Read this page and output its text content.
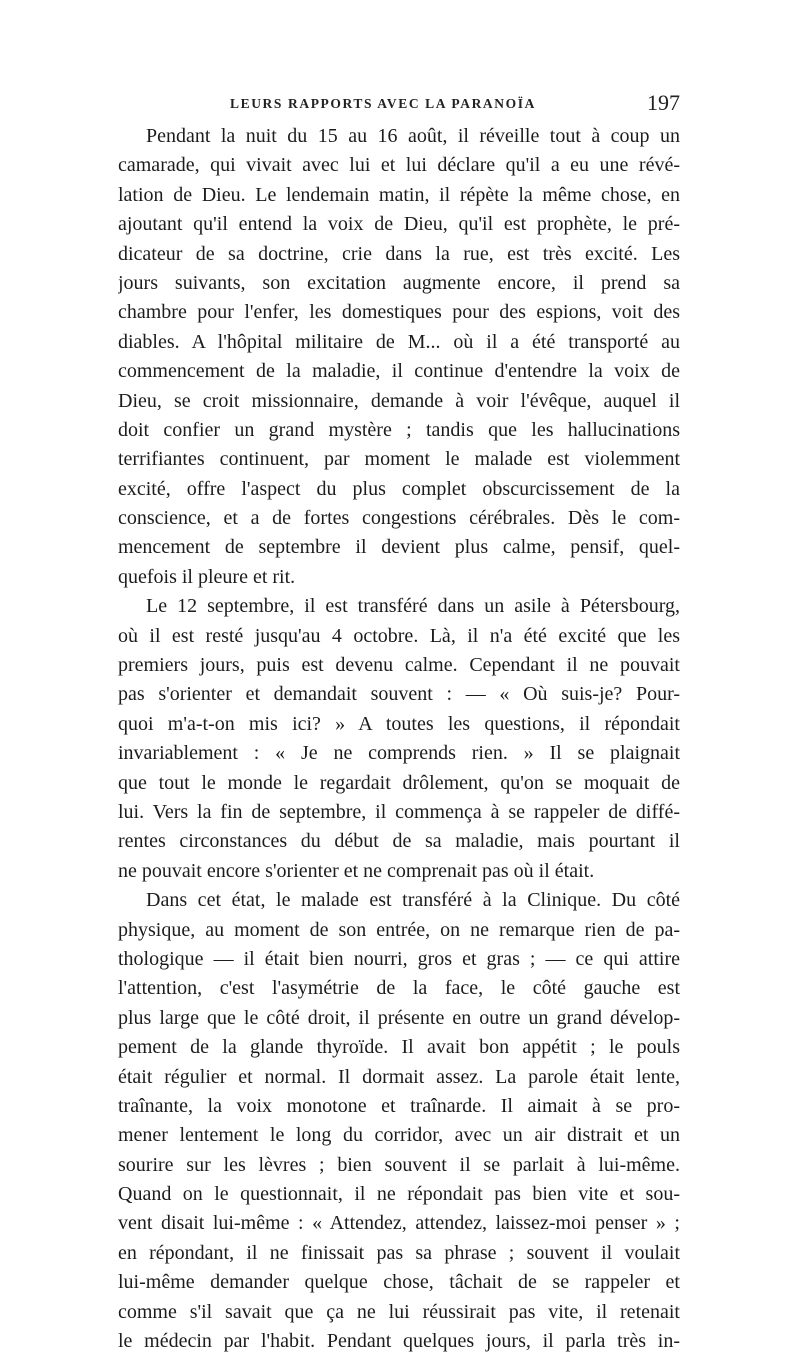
LEURS RAPPORTS AVEC LA PARANOÏA	197
Pendant la nuit du 15 au 16 août, il réveille tout à coup un
camarade, qui vivait avec lui et lui déclare qu'il a eu une révé-
lation de Dieu. Le lendemain matin, il répète la même chose, en
ajoutant qu'il entend la voix de Dieu, qu'il est prophète, le pré-
dicateur de sa doctrine, crie dans la rue, est très excité. Les
jours suivants, son excitation augmente encore, il prend sa
chambre pour l'enfer, les domestiques pour des espions, voit des
diables. A l'hôpital militaire de M... où il a été transporté au
commencement de la maladie, il continue d'entendre la voix de
Dieu, se croit missionnaire, demande à voir l'évêque, auquel il
doit confier un grand mystère ; tandis que les hallucinations
terrifiantes continuent, par moment le malade est violemment
excité, offre l'aspect du plus complet obscurcissement de la
conscience, et a de fortes congestions cérébrales. Dès le com-
mencement de septembre il devient plus calme, pensif, quel-
quefois il pleure et rit.
Le 12 septembre, il est transféré dans un asile à Pétersbourg,
où il est resté jusqu'au 4 octobre. Là, il n'a été excité que les
premiers jours, puis est devenu calme. Cependant il ne pouvait
pas s'orienter et demandait souvent : — « Où suis-je? Pour-
quoi m'a-t-on mis ici? » A toutes les questions, il répondait
invariablement : « Je ne comprends rien. » Il se plaignait
que tout le monde le regardait drôlement, qu'on se moquait de
lui. Vers la fin de septembre, il commença à se rappeler de diffé-
rentes circonstances du début de sa maladie, mais pourtant il
ne pouvait encore s'orienter et ne comprenait pas où il était.
Dans cet état, le malade est transféré à la Clinique. Du côté
physique, au moment de son entrée, on ne remarque rien de pa-
thologique — il était bien nourri, gros et gras ; — ce qui attire
l'attention, c'est l'asymétrie de la face, le côté gauche est
plus large que le côté droit, il présente en outre un grand dévelop-
pement de la glande thyroïde. Il avait bon appétit ; le pouls
était régulier et normal. Il dormait assez. La parole était lente,
traînante, la voix monotone et traînarde. Il aimait à se pro-
mener lentement le long du corridor, avec un air distrait et un
sourire sur les lèvres ; bien souvent il se parlait à lui-même.
Quand on le questionnait, il ne répondait pas bien vite et sou-
vent disait lui-même : « Attendez, attendez, laissez-moi penser » ;
en répondant, il ne finissait pas sa phrase ; souvent il voulait
lui-même demander quelque chose, tâchait de se rappeler et
comme s'il savait que ça ne lui réussirait pas vite, il retenait
le médecin par l'habit. Pendant quelques jours, il parla très in-
